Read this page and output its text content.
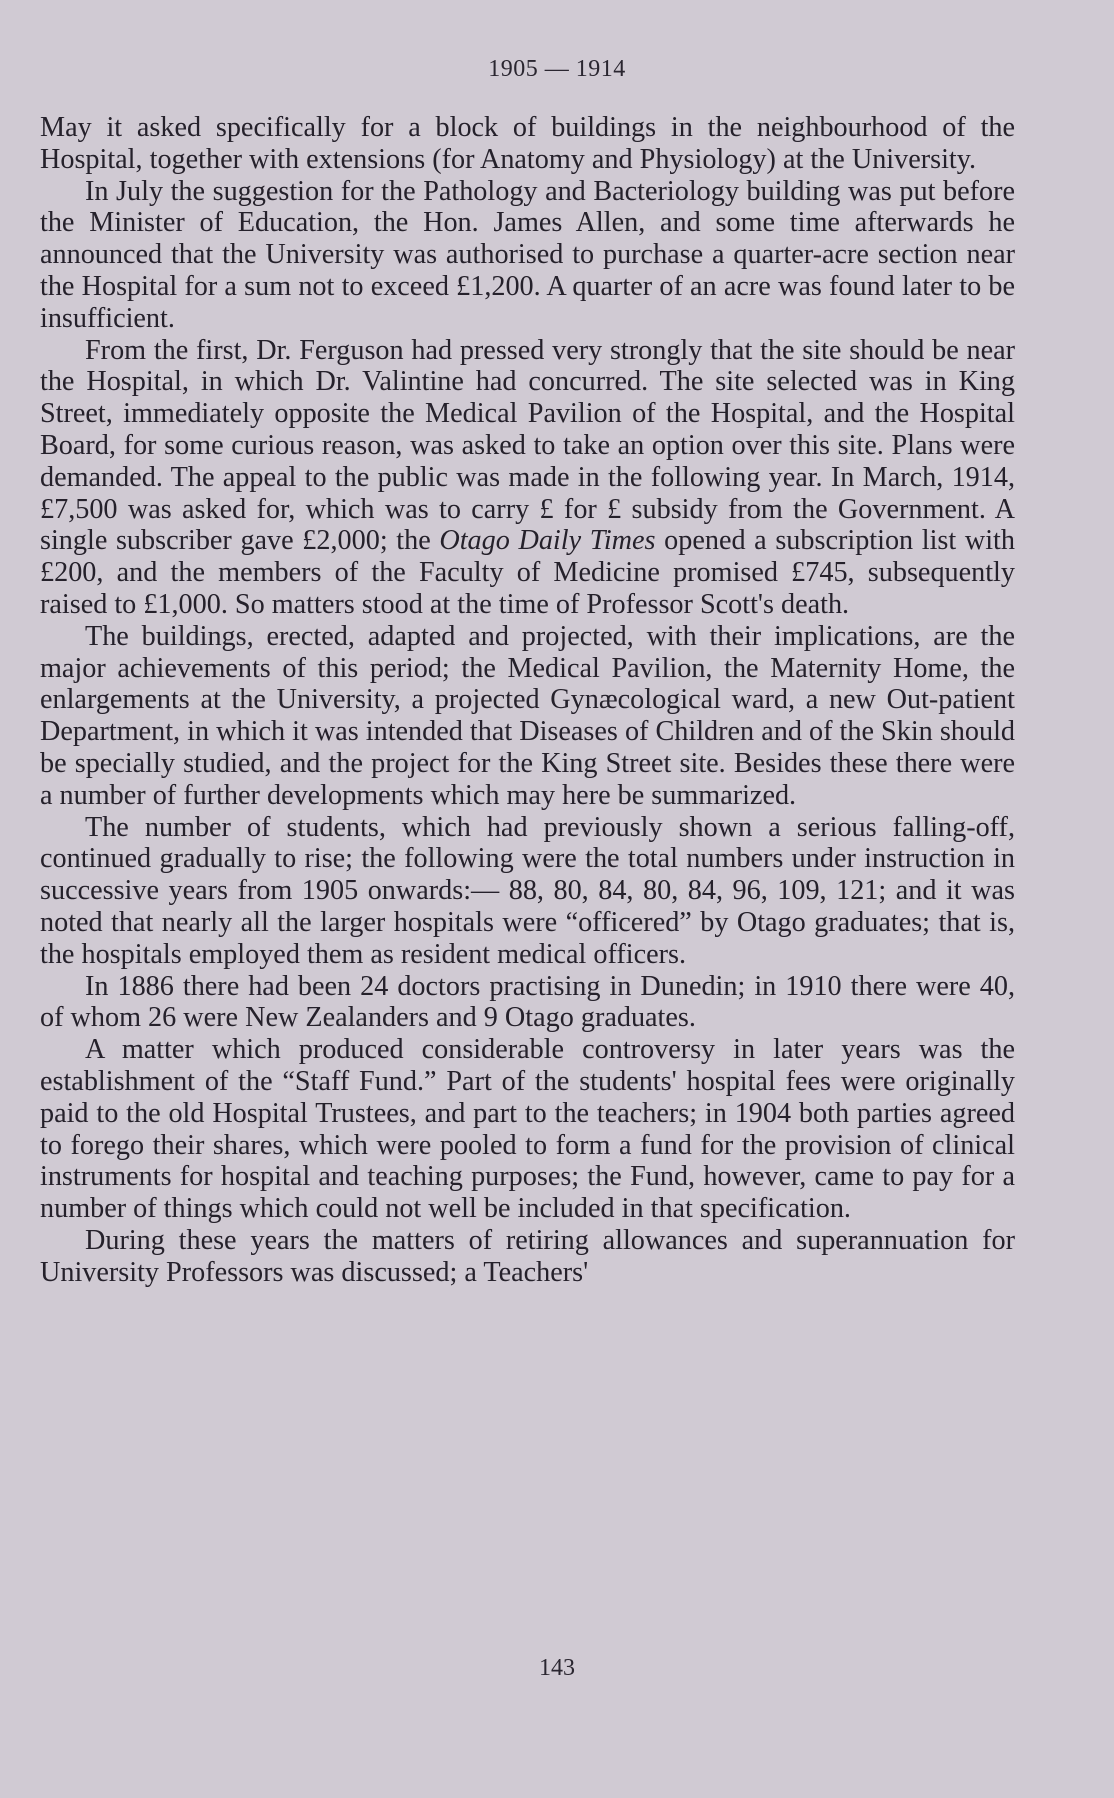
1905 — 1914

May it asked specifically for a block of buildings in the neighbourhood of the Hospital, together with extensions (for Anatomy and Physiology) at the University.

In July the suggestion for the Pathology and Bacteriology building was put before the Minister of Education, the Hon. James Allen, and some time afterwards he announced that the University was authorised to purchase a quarter-acre section near the Hospital for a sum not to exceed £1,200. A quarter of an acre was found later to be insufficient.

From the first, Dr. Ferguson had pressed very strongly that the site should be near the Hospital, in which Dr. Valintine had concurred. The site selected was in King Street, immediately opposite the Medical Pavilion of the Hospital, and the Hospital Board, for some curious reason, was asked to take an option over this site. Plans were demanded. The appeal to the public was made in the following year. In March, 1914, £7,500 was asked for, which was to carry £ for £ subsidy from the Government. A single subscriber gave £2,000; the Otago Daily Times opened a subscription list with £200, and the members of the Faculty of Medicine promised £745, subsequently raised to £1,000. So matters stood at the time of Professor Scott's death.

The buildings, erected, adapted and projected, with their implications, are the major achievements of this period; the Medical Pavilion, the Maternity Home, the enlargements at the University, a projected Gynæcological ward, a new Out-patient Department, in which it was intended that Diseases of Children and of the Skin should be specially studied, and the project for the King Street site. Besides these there were a number of further developments which may here be summarized.

The number of students, which had previously shown a serious falling-off, continued gradually to rise; the following were the total numbers under instruction in successive years from 1905 onwards:— 88, 80, 84, 80, 84, 96, 109, 121; and it was noted that nearly all the larger hospitals were “officered” by Otago graduates; that is, the hospitals employed them as resident medical officers.

In 1886 there had been 24 doctors practising in Dunedin; in 1910 there were 40, of whom 26 were New Zealanders and 9 Otago graduates.

A matter which produced considerable controversy in later years was the establishment of the “Staff Fund.” Part of the students' hospital fees were originally paid to the old Hospital Trustees, and part to the teachers; in 1904 both parties agreed to forego their shares, which were pooled to form a fund for the provision of clinical instruments for hospital and teaching purposes; the Fund, however, came to pay for a number of things which could not well be included in that specification.

During these years the matters of retiring allowances and superannuation for University Professors was discussed; a Teachers'

143
